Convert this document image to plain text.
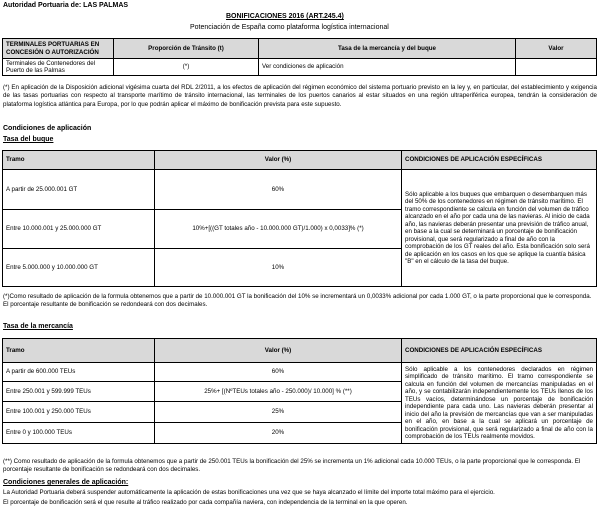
Autoridad Portuaria de: LAS PALMAS
BONIFICACIONES 2016 (ART.245.4)
Potenciación de España como plataforma logística internacional
TERMINALES PORTUARIAS EN CONCESIÓN O AUTORIZACIÓN	Proporción de Tránsito (t)	Tasa de la mercancía y del buque	Valor
Terminales de Contenedores del Puerto de las Palmas	(*)	Ver condiciones de aplicación	
(*) En aplicación de la Disposición adicional vigésima cuarta del RDL 2/2011, a los efectos de aplicación del régimen económico del sistema portuario previsto en la ley y, en particular, del establecimiento y exigencia de las tasas portuarias con respecto al transporte marítimo de tránsito internacional, las terminales de los puertos canarios al estar situados en una región ultraperiférica europea, tendrán la consideración de plataforma logística atlántica para Europa, por lo que podrán aplicar el máximo de bonificación prevista para este supuesto.
Condiciones de aplicación
Tasa del buque
Tramo	Valor (%)	CONDICIONES DE APLICACIÓN ESPECÍFICAS
A partir de 25.000.001 GT	60%	Sólo aplicable a los buques que embarquen o desembarquen más del 50% de los contenedores en régimen de tránsito marítimo. El tramo correspondiente se calcula en función del volumen de tráfico alcanzado en el año por cada una de las navieras. Al inicio de cada año, las navieras deberán presentar una previsión de tráfico anual, en base a la cual se determinará un porcentaje de bonificación provisional, que será regularizado a final de año con la comprobación de los GT reales del año. Esta bonificación solo será de aplicación en los casos en los que se aplique la cuantía básica "B" en el cálculo de la tasa del buque.
Entre 10.000.001 y 25.000.000 GT	10%+[((GT totales año - 10.000.000 GT)/1.000) x 0,0033]% (*)	
Entre 5.000.000 y 10.000.000 GT	10%	
(*)Como resultado de aplicación de la formula obtenemos que a partir de 10.000.001 GT la bonificación del 10% se incrementará un 0,0033% adicional por cada 1.000 GT, o la parte proporcional que le corresponda. El porcentaje resultante de bonificación se redondeará con dos decimales.
Tasa de la mercancía
Tramo	Valor (%)	CONDICIONES DE APLICACIÓN ESPECÍFICAS
A partir de 600.000 TEUs	60%	Sólo aplicable a los contenedores declarados en régimen simplificado de tránsito marítimo. El tramo correspondiente se calcula en función del volumen de mercancías manipuladas en el año, y se contabilizarán independientemente los TEUs llenos de los TEUs vacíos, determinándose un porcentaje de bonificación independiente para cada uno. Las navieras deberán presentar al inicio del año la previsión de mercancías que van a ser manipuladas en el año, en base a la cual se aplicará un porcentaje de bonificación provisional, que será regularizado a final de año con la comprobación de los TEUs realmente movidos.
Entre 250.001 y 599.999 TEUs	25%+ [(NºTEUs totales año - 250.000)/ 10.000] % (**)	
Entre 100.001 y 250.000 TEUs	25%	
Entre 0 y 100.000 TEUs	20%	
(**) Como resultado de aplicación de la formula obtenemos que a partir de 250.001 TEUs la bonificación del 25% se incrementa un 1% adicional cada 10.000 TEUs, o la parte proporcional que le corresponda. El porcentaje resultante de bonificación se redondeará con dos decimales.
Condiciones generales de aplicación:
La Autoridad Portuaria deberá suspender automáticamente la aplicación de estas bonificaciones una vez que se haya alcanzado el límite del importe total máximo para el ejercicio.
El porcentaje de bonificación será el que resulte al tráfico realizado por cada compañía naviera, con independencia de la terminal en la que operen.
